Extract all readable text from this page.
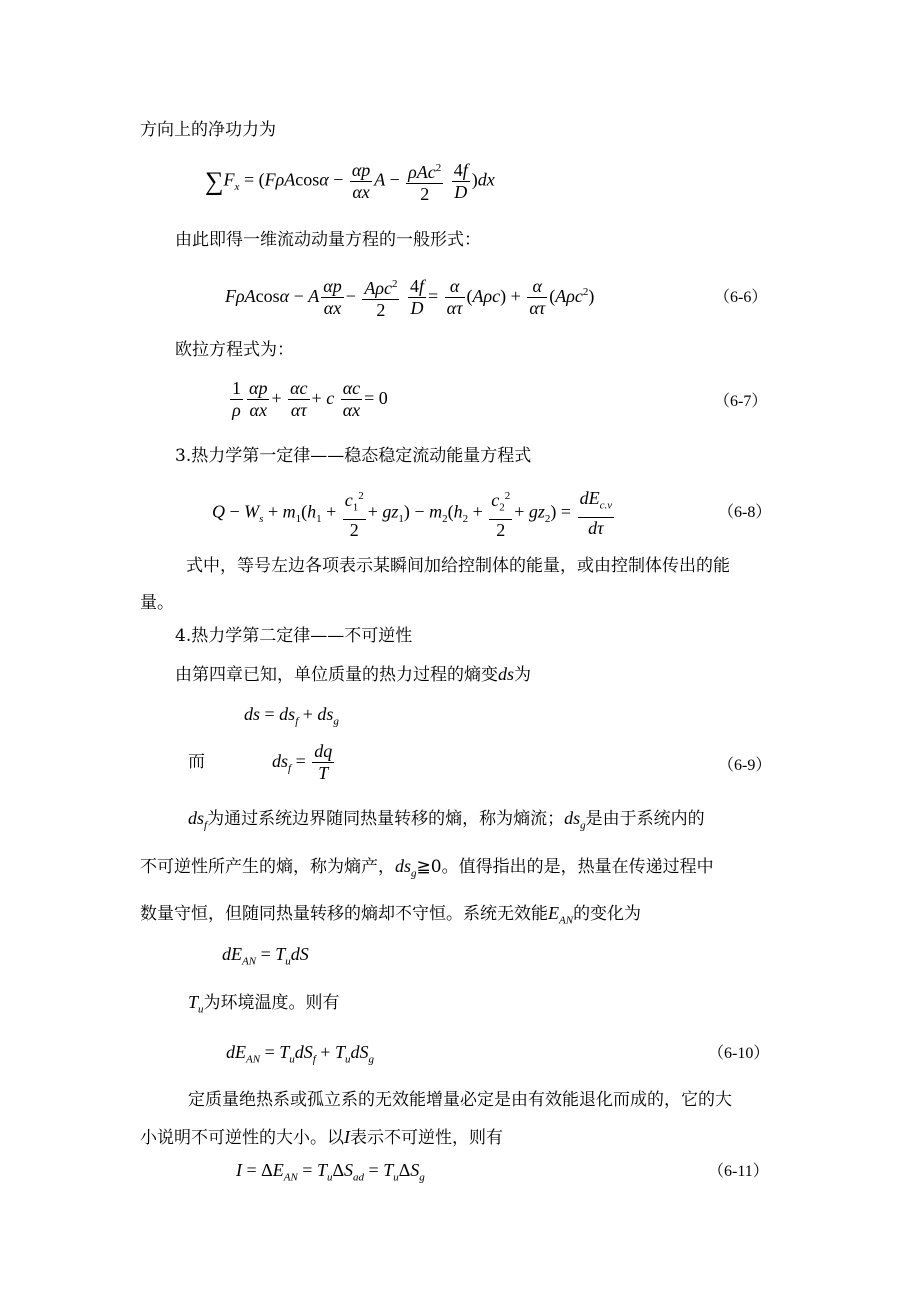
方向上的净功力为
$\sum F_x = (F\rho Acos\alpha - \frac{\alpha p}{\alpha x}$ $A - \frac{\rho Ac^2}{2}$
$\frac{4f}{D} )dx$
由此即得一维流动动量方程的一般形式：
FρAcosα − A $\frac{\alpha p}{\alpha x} - \frac{A\rho c^2}{2}$
$\frac{4f}{D} = \frac{\alpha}{\alpha\tau} (A\rho c) + \frac{\alpha}{\alpha\tau} (A\rho c^2)$	（6-6）
欧拉方程式为：
$\frac{1}{\rho} \frac{\alpha p}{\alpha x} + \frac{\alpha c}{\alpha\tau} + c \frac{\alpha c}{\alpha x} = 0$	（6-7）
3.热力学第一定律——稳态稳定流动能量方程式
$Q - W_s + m_1(h_1 + \frac{c_1^2}{2} + gz_1) - m_2(h_2 + \frac{c_2^2}{2} + gz_2) = \frac{dE_{c.v}}{d\tau}$	（6-8）
式中，等号左边各项表示某瞬间加给控制体的能量，或由控制体传出的能
量。
4.热力学第二定律——不可逆性
由第四章已知，单位质量的热力过程的熵变ds为
ds = $ds_f + ds_g$
而	$ds_f = \frac{dq}{T}$	（6-9）
$ds_f$为通过系统边界随同热量转移的熵，称为熵流；$ds_g$是由于系统内的
不可逆性所产生的熵，称为熵产，$ds_g≧0$。值得指出的是，热量在传递过程中
数量守恒，但随同热量转移的熵却不守恒。系统无效能$E_{AN}$的变化为
$dE_{AN} = T_udS$
$T_u$为环境温度。则有
$dE_{AN} = T_udS_f + T_udS_g$	（6-10）
定质量绝热系或孤立系的无效能增量必定是由有效能退化而成的，它的大
小说明不可逆性的大小。以I表示不可逆性，则有
$I = \Delta E_{AN} = T_u\Delta S_{ad} = T_u\Delta S_g$	（6-11）
